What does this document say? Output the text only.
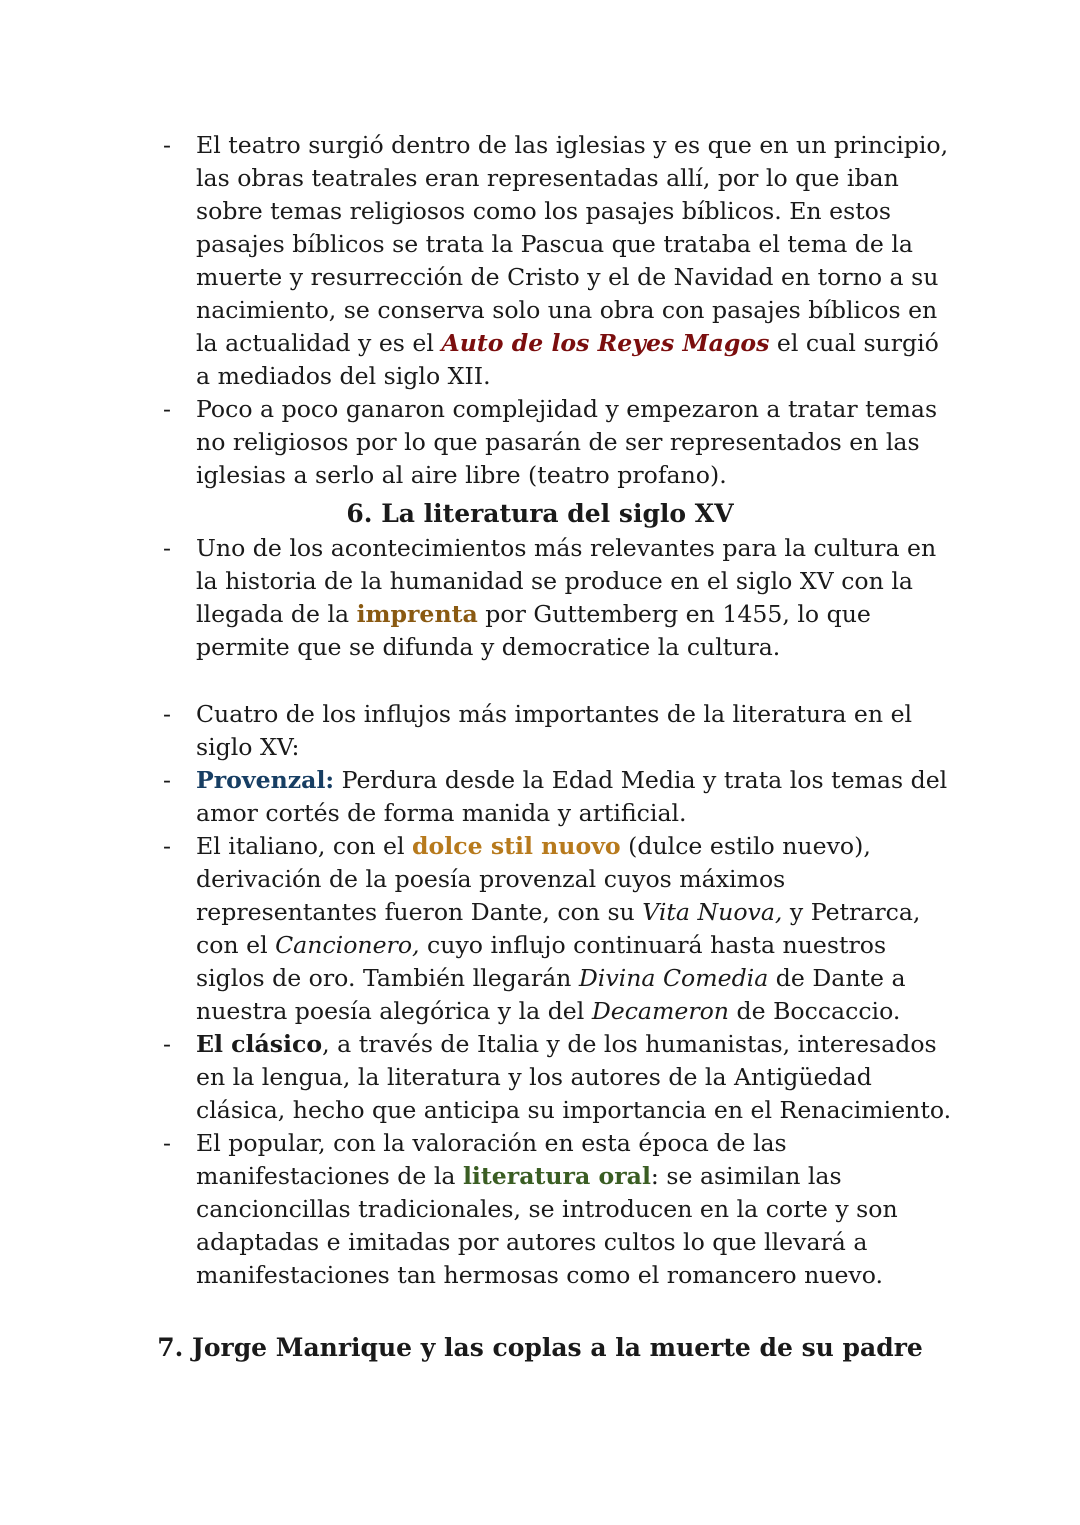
- El teatro surgió dentro de las iglesias y es que en un principio, las obras teatrales eran representadas allí, por lo que iban sobre temas religiosos como los pasajes bíblicos. En estos pasajes bíblicos se trata la Pascua que trataba el tema de la muerte y resurrección de Cristo y el de Navidad en torno a su nacimiento, se conserva solo una obra con pasajes bíblicos en la actualidad y es el Auto de los Reyes Magos el cual surgió a mediados del siglo XII.
- Poco a poco ganaron complejidad y empezaron a tratar temas no religiosos por lo que pasarán de ser representados en las iglesias a serlo al aire libre (teatro profano).
6. La literatura del siglo XV
- Uno de los acontecimientos más relevantes para la cultura en la historia de la humanidad se produce en el siglo XV con la llegada de la imprenta por Guttemberg en 1455, lo que permite que se difunda y democratice la cultura.
- Cuatro de los influjos más importantes de la literatura en el siglo XV:
- Provenzal: Perdura desde la Edad Media y trata los temas del amor cortés de forma manida y artificial.
- El italiano, con el dolce stil nuovo (dulce estilo nuevo), derivación de la poesía provenzal cuyos máximos representantes fueron Dante, con su Vita Nuova, y Petrarca, con el Cancionero, cuyo influjo continuará hasta nuestros siglos de oro. También llegarán Divina Comedia de Dante a nuestra poesía alegórica y la del Decameron de Boccaccio.
- El clásico, a través de Italia y de los humanistas, interesados en la lengua, la literatura y los autores de la Antigüedad clásica, hecho que anticipa su importancia en el Renacimiento.
- El popular, con la valoración en esta época de las manifestaciones de la literatura oral: se asimilan las cancioncillas tradicionales, se introducen en la corte y son adaptadas e imitadas por autores cultos lo que llevará a manifestaciones tan hermosas como el romancero nuevo.
7. Jorge Manrique y las coplas a la muerte de su padre
